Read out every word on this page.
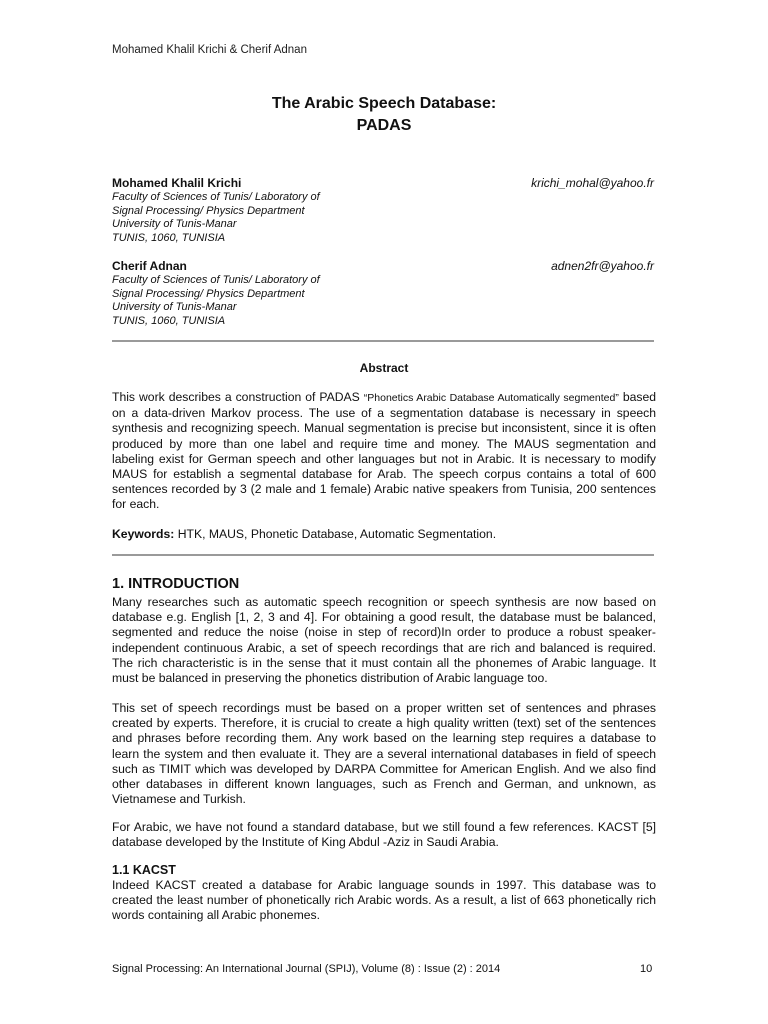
Mohamed Khalil Krichi & Cherif Adnan
The Arabic Speech Database:
PADAS
Mohamed Khalil Krichi	krichi_mohal@yahoo.fr
Faculty of Sciences of Tunis/ Laboratory of
Signal Processing/ Physics Department
University of Tunis-Manar
TUNIS, 1060, TUNISIA
Cherif Adnan	adnen2fr@yahoo.fr
Faculty of Sciences of Tunis/ Laboratory of
Signal Processing/ Physics Department
University of Tunis-Manar
TUNIS, 1060, TUNISIA
Abstract
This work describes a construction of PADAS “Phonetics Arabic Database Automatically segmented” based on a data-driven Markov process. The use of a segmentation database is necessary in speech synthesis and recognizing speech. Manual segmentation is precise but inconsistent, since it is often produced by more than one label and require time and money. The MAUS segmentation and labeling exist for German speech and other languages but not in Arabic. It is necessary to modify MAUS for establish a segmental database for Arab. The speech corpus contains a total of 600 sentences recorded by 3 (2 male and 1 female) Arabic native speakers from Tunisia, 200 sentences for each.
Keywords: HTK, MAUS, Phonetic Database, Automatic Segmentation.
1. INTRODUCTION
Many researches such as automatic speech recognition or speech synthesis are now based on database e.g. English [1, 2, 3 and 4]. For obtaining a good result, the database must be balanced, segmented and reduce the noise (noise in step of record)In order to produce a robust speaker-independent continuous Arabic, a set of speech recordings that are rich and balanced is required. The rich characteristic is in the sense that it must contain all the phonemes of Arabic language. It must be balanced in preserving the phonetics distribution of Arabic language too.
This set of speech recordings must be based on a proper written set of sentences and phrases created by experts. Therefore, it is crucial to create a high quality written (text) set of the sentences and phrases before recording them. Any work based on the learning step requires a database to learn the system and then evaluate it. They are a several international databases in field of speech such as TIMIT which was developed by DARPA Committee for American English. And we also find other databases in different known languages, such as French and German, and unknown, as Vietnamese and Turkish.
For Arabic, we have not found a standard database, but we still found a few references. KACST [5] database developed by the Institute of King Abdul -Aziz in Saudi Arabia.
1.1 KACST
Indeed KACST created a database for Arabic language sounds in 1997. This database was to created the least number of phonetically rich Arabic words. As a result, a list of 663 phonetically rich words containing all Arabic phonemes.
Signal Processing: An International Journal (SPIJ), Volume (8) : Issue (2) : 2014	10
